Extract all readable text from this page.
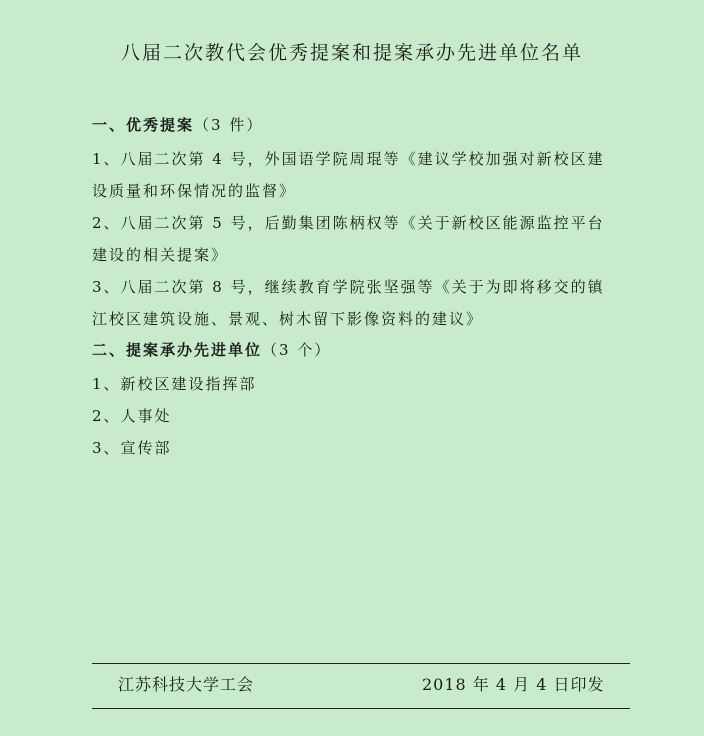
八届二次教代会优秀提案和提案承办先进单位名单
一、优秀提案（3 件）
1、八届二次第 4 号，外国语学院周琨等《建议学校加强对新校区建
设质量和环保情况的监督》
2、八届二次第 5 号，后勤集团陈柄权等《关于新校区能源监控平台
建设的相关提案》
3、八届二次第 8 号，继续教育学院张坚强等《关于为即将移交的镇
江校区建筑设施、景观、树木留下影像资料的建议》
二、提案承办先进单位（3 个）
1、新校区建设指挥部
2、人事处
3、宣传部
江苏科技大学工会	2018 年 4 月 4 日印发
